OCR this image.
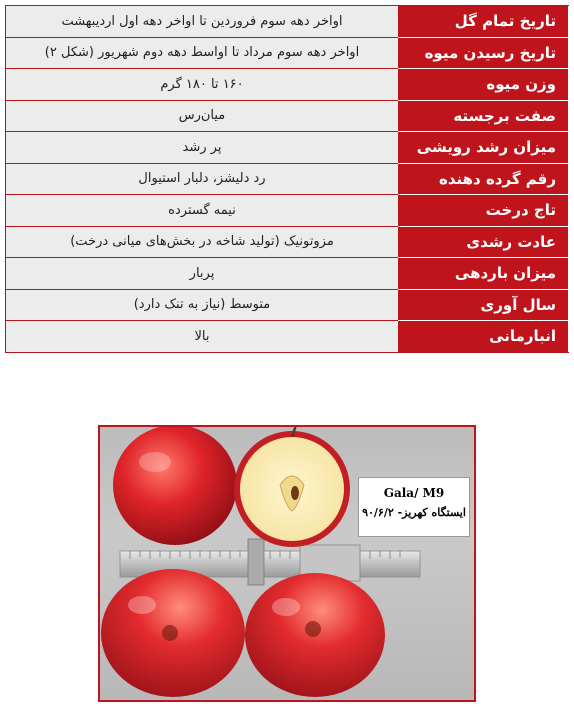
تاریخ تمام گل	اواخر دهه سوم فروردین تا اواخر دهه اول اردیبهشت
تاریخ رسیدن میوه	اواخر دهه سوم مرداد تا اواسط دهه دوم شهریور (شکل ۲)
وزن میوه	۱۶۰ تا ۱۸۰ گرم
صفت برجسته	میان‌رس
میزان رشد رویشی	پر رشد
رقم گرده دهنده	رد دلیشز، دلبار استیوال
تاج درخت	نیمه گسترده
عادت رشدی	مزوتونیک (تولید شاخه در بخش‌های میانی درخت)
میزان باردهی	پربار
سال آوری	متوسط (نیاز به تنک دارد)
انبارمانی	بالا
Gala/ M9
ایستگاه کهریز- ۹۰/۶/۲
